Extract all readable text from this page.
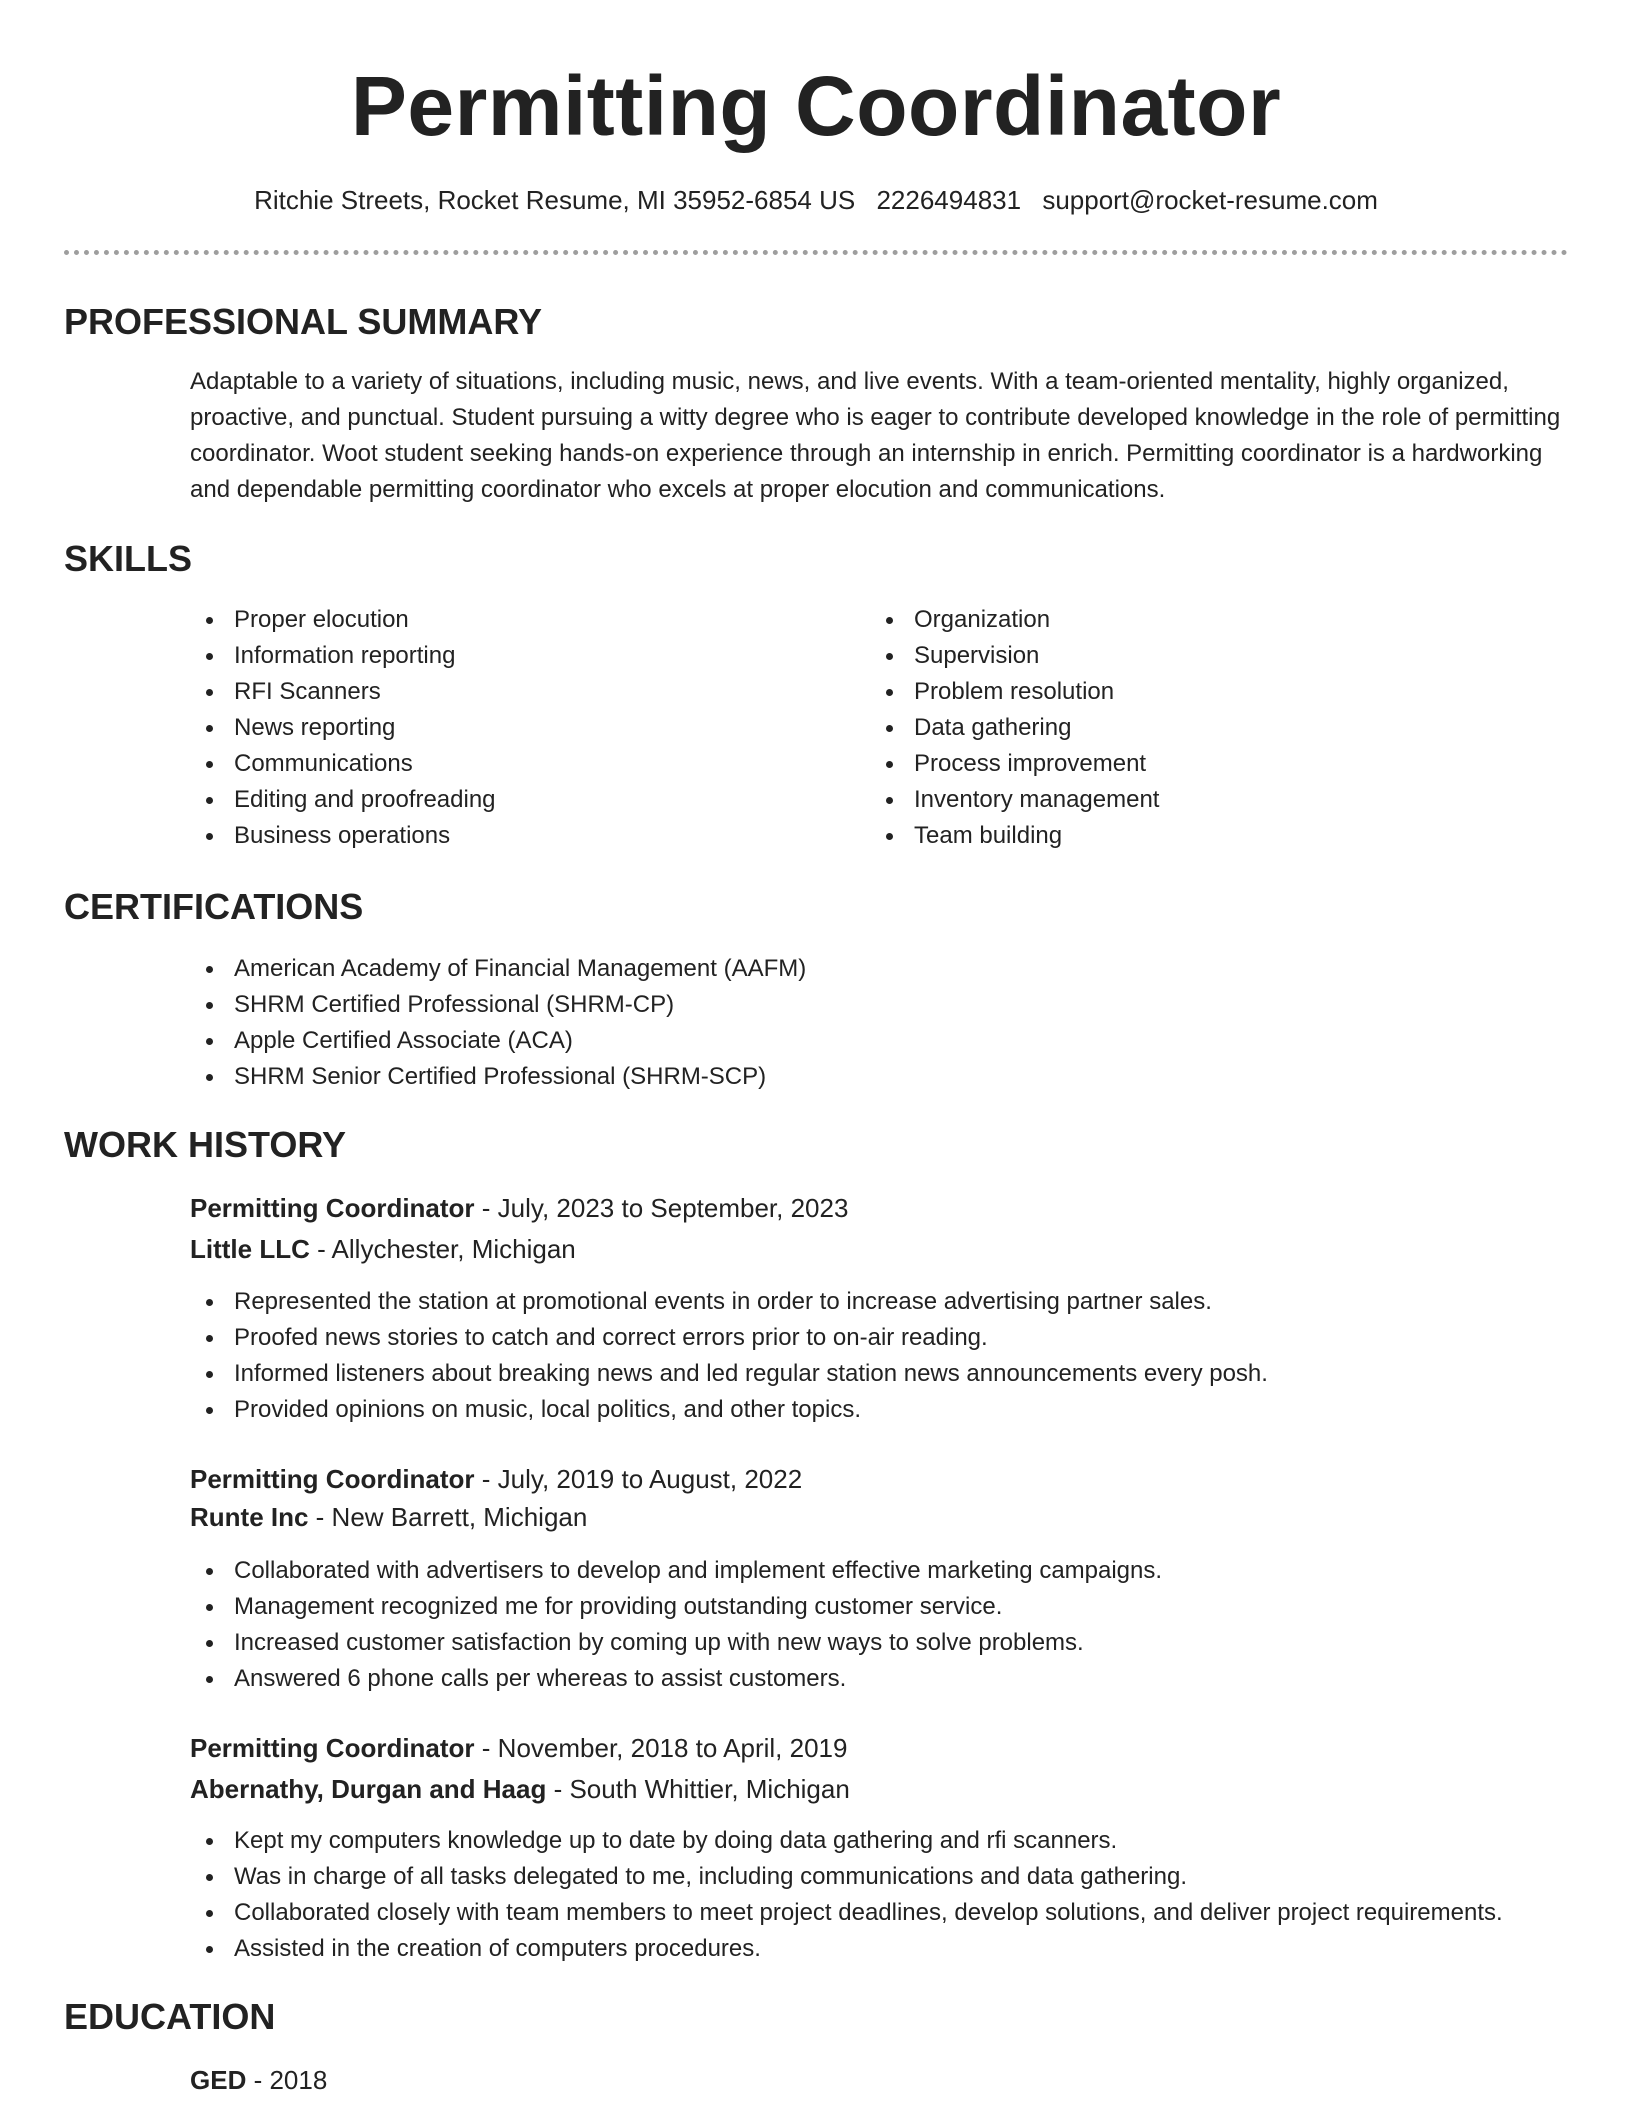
Permitting Coordinator
Ritchie Streets, Rocket Resume, MI 35952-6854 US 2226494831 support@rocket-resume.com
PROFESSIONAL SUMMARY

Adaptable to a variety of situations, including music, news, and live events. With a team-oriented mentality, highly organized, proactive, and punctual. Student pursuing a witty degree who is eager to contribute developed knowledge in the role of permitting coordinator. Woot student seeking hands-on experience through an internship in enrich. Permitting coordinator is a hardworking and dependable permitting coordinator who excels at proper elocution and communications.

SKILLS
Proper elocution
Information reporting
RFI Scanners
News reporting
Communications
Editing and proofreading
Business operations
Organization
Supervision
Problem resolution
Data gathering
Process improvement
Inventory management
Team building
CERTIFICATIONS
American Academy of Financial Management (AAFM)
SHRM Certified Professional (SHRM-CP)
Apple Certified Associate (ACA)
SHRM Senior Certified Professional (SHRM-SCP)
WORK HISTORY
Permitting Coordinator - July, 2023 to September, 2023
Little LLC - Allychester, Michigan
Represented the station at promotional events in order to increase advertising partner sales.
Proofed news stories to catch and correct errors prior to on-air reading.
Informed listeners about breaking news and led regular station news announcements every posh.
Provided opinions on music, local politics, and other topics.
Permitting Coordinator - July, 2019 to August, 2022
Runte Inc - New Barrett, Michigan
Collaborated with advertisers to develop and implement effective marketing campaigns.
Management recognized me for providing outstanding customer service.
Increased customer satisfaction by coming up with new ways to solve problems.
Answered 6 phone calls per whereas to assist customers.
Permitting Coordinator - November, 2018 to April, 2019
Abernathy, Durgan and Haag - South Whittier, Michigan
Kept my computers knowledge up to date by doing data gathering and rfi scanners.
Was in charge of all tasks delegated to me, including communications and data gathering.
Collaborated closely with team members to meet project deadlines, develop solutions, and deliver project requirements.
Assisted in the creation of computers procedures.
EDUCATION
GED - 2018
